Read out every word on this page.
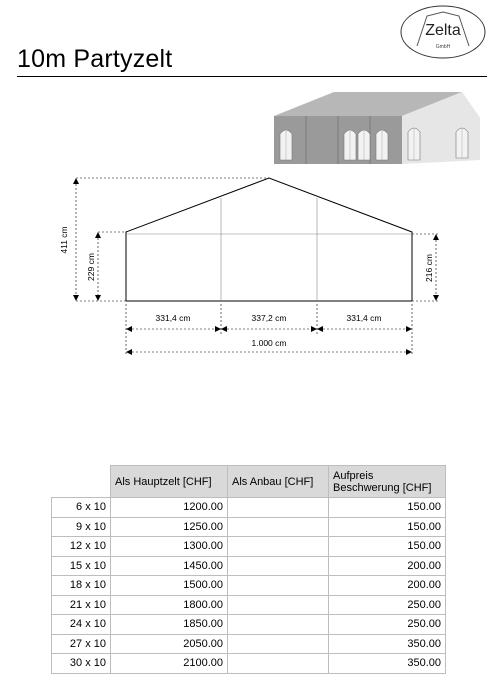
Zelta
GmbH
10m Partyzelt
411 cm
229 cm	216 cm
331,4 cm	337,2 cm	331,4 cm
1.000 cm
	Als Hauptzelt [CHF]	Als Anbau [CHF]	Aufpreis Beschwerung [CHF]
6 x 10	1200.00		150.00
9 x 10	1250.00		150.00
12 x 10	1300.00		150.00
15 x 10	1450.00		200.00
18 x 10	1500.00		200.00
21 x 10	1800.00		250.00
24 x 10	1850.00		250.00
27 x 10	2050.00		350.00
30 x 10	2100.00		350.00
